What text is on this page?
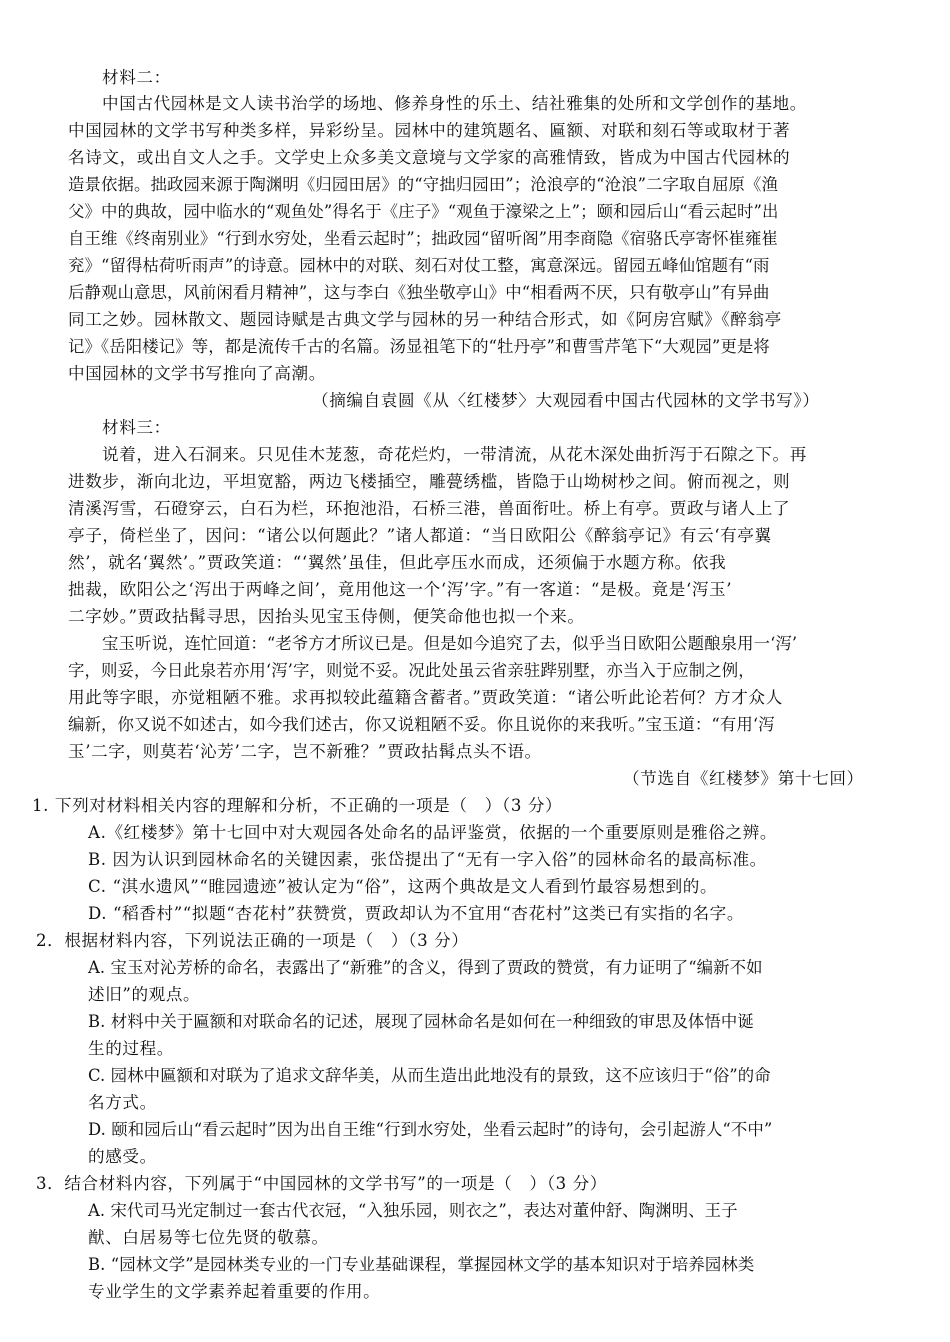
材料二：
中国古代园林是文人读书治学的场地、修养身性的乐土、结社雅集的处所和文学创作的基地。
中国园林的文学书写种类多样，异彩纷呈。园林中的建筑题名、匾额、对联和刻石等或取材于著
名诗文，或出自文人之手。文学史上众多美文意境与文学家的高雅情致，皆成为中国古代园林的
造景依据。拙政园来源于陶渊明《归园田居》的“守拙归园田”；沧浪亭的“沧浪”二字取自屈原《渔
父》中的典故，园中临水的“观鱼处”得名于《庄子》“观鱼于濠梁之上”；颐和园后山“看云起时”出
自王维《终南别业》“行到水穷处，坐看云起时”；拙政园“留听阁”用李商隐《宿骆氏亭寄怀崔雍崔
兖》“留得枯荷听雨声”的诗意。园林中的对联、刻石对仗工整，寓意深远。留园五峰仙馆题有“雨
后静观山意思，风前闲看月精神”，这与李白《独坐敬亭山》中“相看两不厌，只有敬亭山”有异曲
同工之妙。园林散文、题园诗赋是古典文学与园林的另一种结合形式，如《阿房宫赋》《醉翁亭
记》《岳阳楼记》等，都是流传千古的名篇。汤显祖笔下的“牡丹亭”和曹雪芹笔下“大观园”更是将
中国园林的文学书写推向了高潮。
（摘编自袁圆《从〈红楼梦〉大观园看中国古代园林的文学书写》）
材料三：
说着，进入石洞来。只见佳木茏葱，奇花烂灼，一带清流，从花木深处曲折泻于石隙之下。再
进数步，渐向北边，平坦宽豁，两边飞楼插空，雕甍绣槛，皆隐于山坳树杪之间。俯而视之，则
清溪泻雪，石磴穿云，白石为栏，环抱池沿，石桥三港，兽面衔吐。桥上有亭。贾政与诸人上了
亭子，倚栏坐了，因问：“诸公以何题此？”诸人都道：“当日欧阳公《醉翁亭记》有云‘有亭翼
然’，就名‘翼然’。”贾政笑道：“‘翼然’虽佳，但此亭压水而成，还须偏于水题方称。依我
拙裁，欧阳公之‘泻出于两峰之间’，竟用他这一个‘泻’字。”有一客道：“是极。竟是‘泻玉’
二字妙。”贾政拈髯寻思，因抬头见宝玉侍侧，便笑命他也拟一个来。
宝玉听说，连忙回道：“老爷方才所议已是。但是如今追究了去，似乎当日欧阳公题酿泉用一‘泻’
字，则妥，今日此泉若亦用‘泻’字，则觉不妥。况此处虽云省亲驻跸别墅，亦当入于应制之例，
用此等字眼，亦觉粗陋不雅。求再拟较此蕴籍含蓄者。”贾政笑道：“诸公听此论若何？方才众人
编新，你又说不如述古，如今我们述古，你又说粗陋不妥。你且说你的来我听。”宝玉道：“有用‘泻
玉’二字，则莫若‘沁芳’二字，岂不新雅？”贾政拈髯点头不语。
（节选自《红楼梦》第十七回）
1. 下列对材料相关内容的理解和分析，不正确的一项是（　）（3 分）
A.《红楼梦》第十七回中对大观园各处命名的品评鉴赏，依据的一个重要原则是雅俗之辨。
B. 因为认识到园林命名的关键因素，张岱提出了“无有一字入俗”的园林命名的最高标准。
C. “淇水遗风”“睢园遗迹”被认定为“俗”，这两个典故是文人看到竹最容易想到的。
D. “稻香村”“拟题“杏花村”获赞赏，贾政却认为不宜用“杏花村”这类已有实指的名字。
2．根据材料内容，下列说法正确的一项是（　）（3 分）
A. 宝玉对沁芳桥的命名，表露出了“新雅”的含义，得到了贾政的赞赏，有力证明了“编新不如
述旧”的观点。
B. 材料中关于匾额和对联命名的记述，展现了园林命名是如何在一种细致的审思及体悟中诞
生的过程。
C. 园林中匾额和对联为了追求文辞华美，从而生造出此地没有的景致，这不应该归于“俗”的命
名方式。
D. 颐和园后山“看云起时”因为出自王维“行到水穷处，坐看云起时”的诗句，会引起游人“不中”
的感受。
3．结合材料内容，下列属于“中国园林的文学书写”的一项是（　）（3 分）
A. 宋代司马光定制过一套古代衣冠，“入独乐园，则衣之”，表达对董仲舒、陶渊明、王子
猷、白居易等七位先贤的敬慕。
B. “园林文学”是园林类专业的一门专业基础课程，掌握园林文学的基本知识对于培养园林类
专业学生的文学素养起着重要的作用。
